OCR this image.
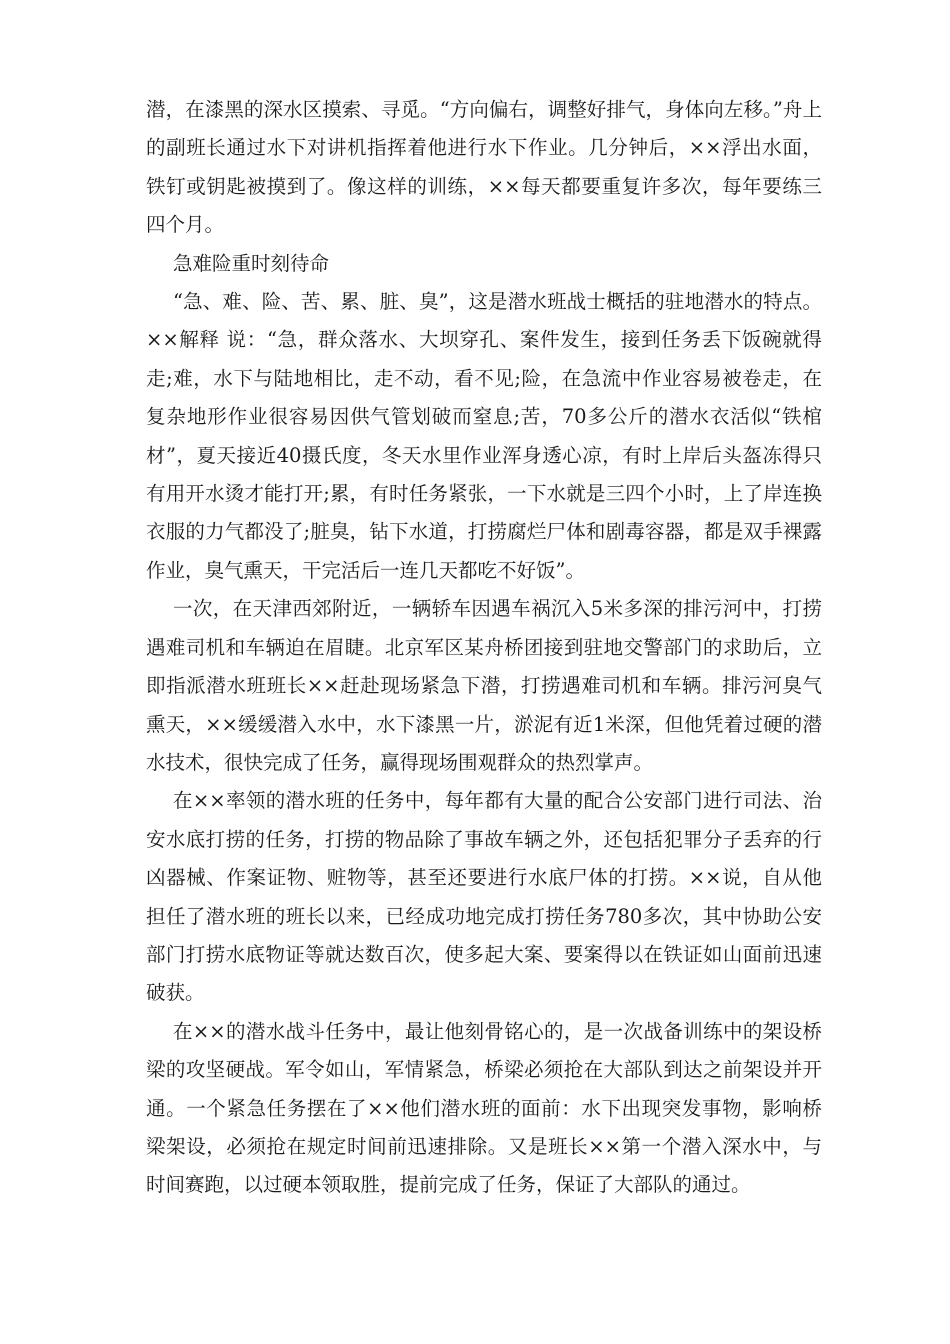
潜，在漆黑的深水区摸索、寻觅。“方向偏右，调整好排气，身体向左移。”舟上的副班长通过水下对讲机指挥着他进行水下作业。几分钟后，××浮出水面，铁钉或钥匙被摸到了。像这样的训练，××每天都要重复许多次，每年要练三四个月。

急难险重时刻待命

“急、难、险、苦、累、脏、臭”，这是潜水班战士概括的驻地潜水的特点。××解释 说：“急，群众落水、大坝穿孔、案件发生，接到任务丢下饭碗就得走;难，水下与陆地相比，走不动，看不见;险，在急流中作业容易被卷走，在复杂地形作业很容易因供气管划破而窒息;苦，70多公斤的潜水衣活似“铁棺材”，夏天接近40摄氏度，冬天水里作业浑身透心凉，有时上岸后头盔冻得只有用开水烫才能打开;累，有时任务紧张，一下水就是三四个小时，上了岸连换衣服的力气都没了;脏臭，钻下水道，打捞腐烂尸体和剧毒容器，都是双手裸露作业，臭气熏天，干完活后一连几天都吃不好饭”。

一次，在天津西郊附近，一辆轿车因遇车祸沉入5米多深的排污河中，打捞遇难司机和车辆迫在眉睫。北京军区某舟桥团接到驻地交警部门的求助后，立即指派潜水班班长××赶赴现场紧急下潜，打捞遇难司机和车辆。排污河臭气熏天，××缓缓潜入水中，水下漆黑一片，淤泥有近1米深，但他凭着过硬的潜水技术，很快完成了任务，赢得现场围观群众的热烈掌声。

在××率领的潜水班的任务中，每年都有大量的配合公安部门进行司法、治安水底打捞的任务，打捞的物品除了事故车辆之外，还包括犯罪分子丢弃的行凶器械、作案证物、赃物等，甚至还要进行水底尸体的打捞。××说，自从他担任了潜水班的班长以来，已经成功地完成打捞任务780多次，其中协助公安部门打捞水底物证等就达数百次，使多起大案、要案得以在铁证如山面前迅速破获。

在××的潜水战斗任务中，最让他刻骨铭心的，是一次战备训练中的架设桥梁的攻坚硬战。军令如山，军情紧急，桥梁必须抢在大部队到达之前架设并开通。一个紧急任务摆在了××他们潜水班的面前：水下出现突发事物，影响桥梁架设，必须抢在规定时间前迅速排除。又是班长××第一个潜入深水中，与时间赛跑，以过硬本领取胜，提前完成了任务，保证了大部队的通过。
